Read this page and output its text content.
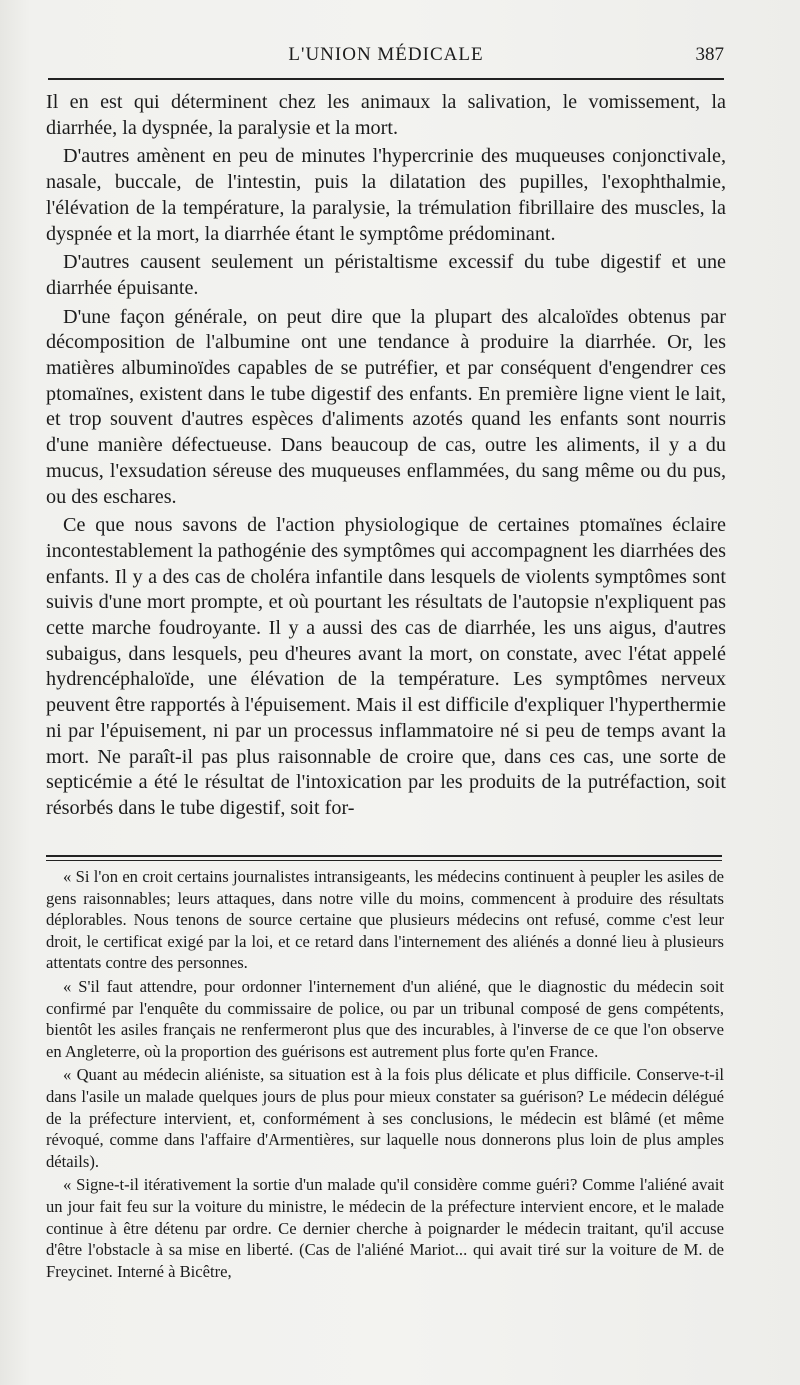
L'UNION MÉDICALE	387

Il en est qui déterminent chez les animaux la salivation, le vomissement, la diarrhée, la dyspnée, la paralysie et la mort.

D'autres amènent en peu de minutes l'hypercrinie des muqueuses conjonctivale, nasale, buccale, de l'intestin, puis la dilatation des pupilles, l'exophthalmie, l'élévation de la température, la paralysie, la trémulation fibrillaire des muscles, la dyspnée et la mort, la diarrhée étant le symptôme prédominant.

D'autres causent seulement un péristaltisme excessif du tube digestif et une diarrhée épuisante.

D'une façon générale, on peut dire que la plupart des alcaloïdes obtenus par décomposition de l'albumine ont une tendance à produire la diarrhée. Or, les matières albuminoïdes capables de se putréfier, et par conséquent d'engendrer ces ptomaïnes, existent dans le tube digestif des enfants. En première ligne vient le lait, et trop souvent d'autres espèces d'aliments azotés quand les enfants sont nourris d'une manière défectueuse. Dans beaucoup de cas, outre les aliments, il y a du mucus, l'exsudation séreuse des muqueuses enflammées, du sang même ou du pus, ou des eschares.

Ce que nous savons de l'action physiologique de certaines ptomaïnes éclaire incontestablement la pathogénie des symptômes qui accompagnent les diarrhées des enfants. Il y a des cas de choléra infantile dans lesquels de violents symptômes sont suivis d'une mort prompte, et où pourtant les résultats de l'autopsie n'expliquent pas cette marche foudroyante. Il y a aussi des cas de diarrhée, les uns aigus, d'autres subaigus, dans lesquels, peu d'heures avant la mort, on constate, avec l'état appelé hydrencéphaloïde, une élévation de la température. Les symptômes nerveux peuvent être rapportés à l'épuisement. Mais il est difficile d'expliquer l'hyperthermie ni par l'épuisement, ni par un processus inflammatoire né si peu de temps avant la mort. Ne paraît-il pas plus raisonnable de croire que, dans ces cas, une sorte de septicémie a été le résultat de l'intoxication par les produits de la putréfaction, soit résorbés dans le tube digestif, soit for-

« Si l'on en croit certains journalistes intransigeants, les médecins continuent à peupler les asiles de gens raisonnables; leurs attaques, dans notre ville du moins, commencent à produire des résultats déplorables. Nous tenons de source certaine que plusieurs médecins ont refusé, comme c'est leur droit, le certificat exigé par la loi, et ce retard dans l'internement des aliénés a donné lieu à plusieurs attentats contre des personnes.

« S'il faut attendre, pour ordonner l'internement d'un aliéné, que le diagnostic du médecin soit confirmé par l'enquête du commissaire de police, ou par un tribunal composé de gens compétents, bientôt les asiles français ne renfermeront plus que des incurables, à l'inverse de ce que l'on observe en Angleterre, où la proportion des guérisons est autrement plus forte qu'en France.

« Quant au médecin aliéniste, sa situation est à la fois plus délicate et plus difficile. Conserve-t-il dans l'asile un malade quelques jours de plus pour mieux constater sa guérison? Le médecin délégué de la préfecture intervient, et, conformément à ses conclusions, le médecin est blâmé (et même révoqué, comme dans l'affaire d'Armentières, sur laquelle nous donnerons plus loin de plus amples détails).

« Signe-t-il itérativement la sortie d'un malade qu'il considère comme guéri? Comme l'aliéné avait un jour fait feu sur la voiture du ministre, le médecin de la préfecture intervient encore, et le malade continue à être détenu par ordre. Ce dernier cherche à poignarder le médecin traitant, qu'il accuse d'être l'obstacle à sa mise en liberté. (Cas de l'aliéné Mariot... qui avait tiré sur la voiture de M. de Freycinet. Interné à Bicêtre,
